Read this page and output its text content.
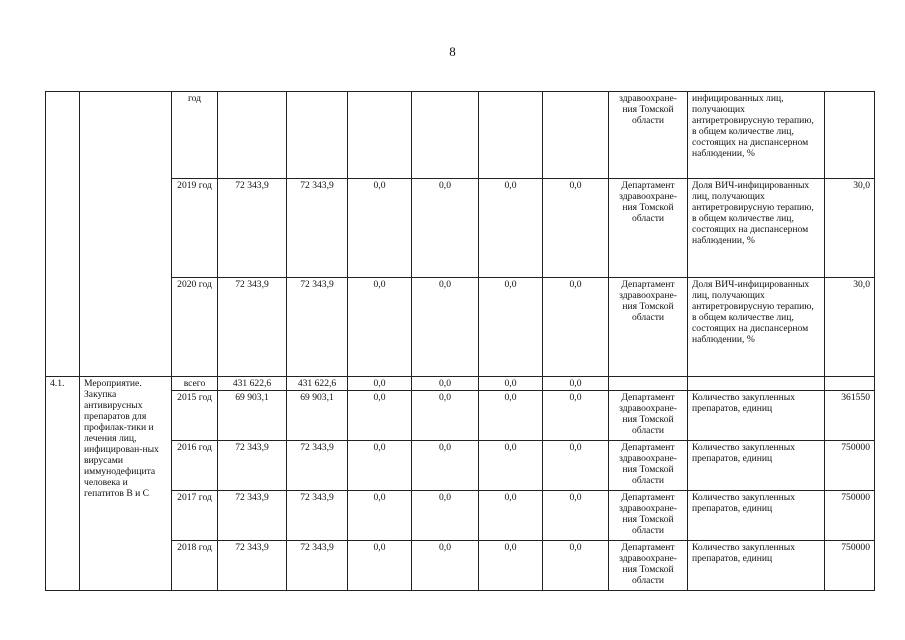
8
		год							здравоохране-ния Томской области	инфицированных лиц, получающих антиретровирусную терапию, в общем количестве лиц, состоящих на диспансерном наблюдении, %	
		2019 год	72 343,9	72 343,9	0,0	0,0	0,0	0,0	Департамент здравоохране-ния Томской области	Доля ВИЧ-инфицированных лиц, получающих антиретровирусную терапию, в общем количестве лиц, состоящих на диспансерном наблюдении, %	30,0
		2020 год	72 343,9	72 343,9	0,0	0,0	0,0	0,0	Департамент здравоохране-ния Томской области	Доля ВИЧ-инфицированных лиц, получающих антиретровирусную терапию, в общем количестве лиц, состоящих на диспансерном наблюдении, %	30,0
4.1.	Мероприятие. Закупка антивирусных препаратов для профилак-тики и лечения лиц, инфицирован-ных вирусами иммунодефицита человека и гепатитов В и С	всего	431 622,6	431 622,6	0,0	0,0	0,0	0,0			
		2015 год	69 903,1	69 903,1	0,0	0,0	0,0	0,0	Департамент здравоохране-ния Томской области	Количество закупленных препаратов, единиц	361550
		2016 год	72 343,9	72 343,9	0,0	0,0	0,0	0,0	Департамент здравоохране-ния Томской области	Количество закупленных препаратов, единиц	750000
		2017 год	72 343,9	72 343,9	0,0	0,0	0,0	0,0	Департамент здравоохране-ния Томской области	Количество закупленных препаратов, единиц	750000
		2018 год	72 343,9	72 343,9	0,0	0,0	0,0	0,0	Департамент здравоохране-ния Томской области	Количество закупленных препаратов, единиц	750000
